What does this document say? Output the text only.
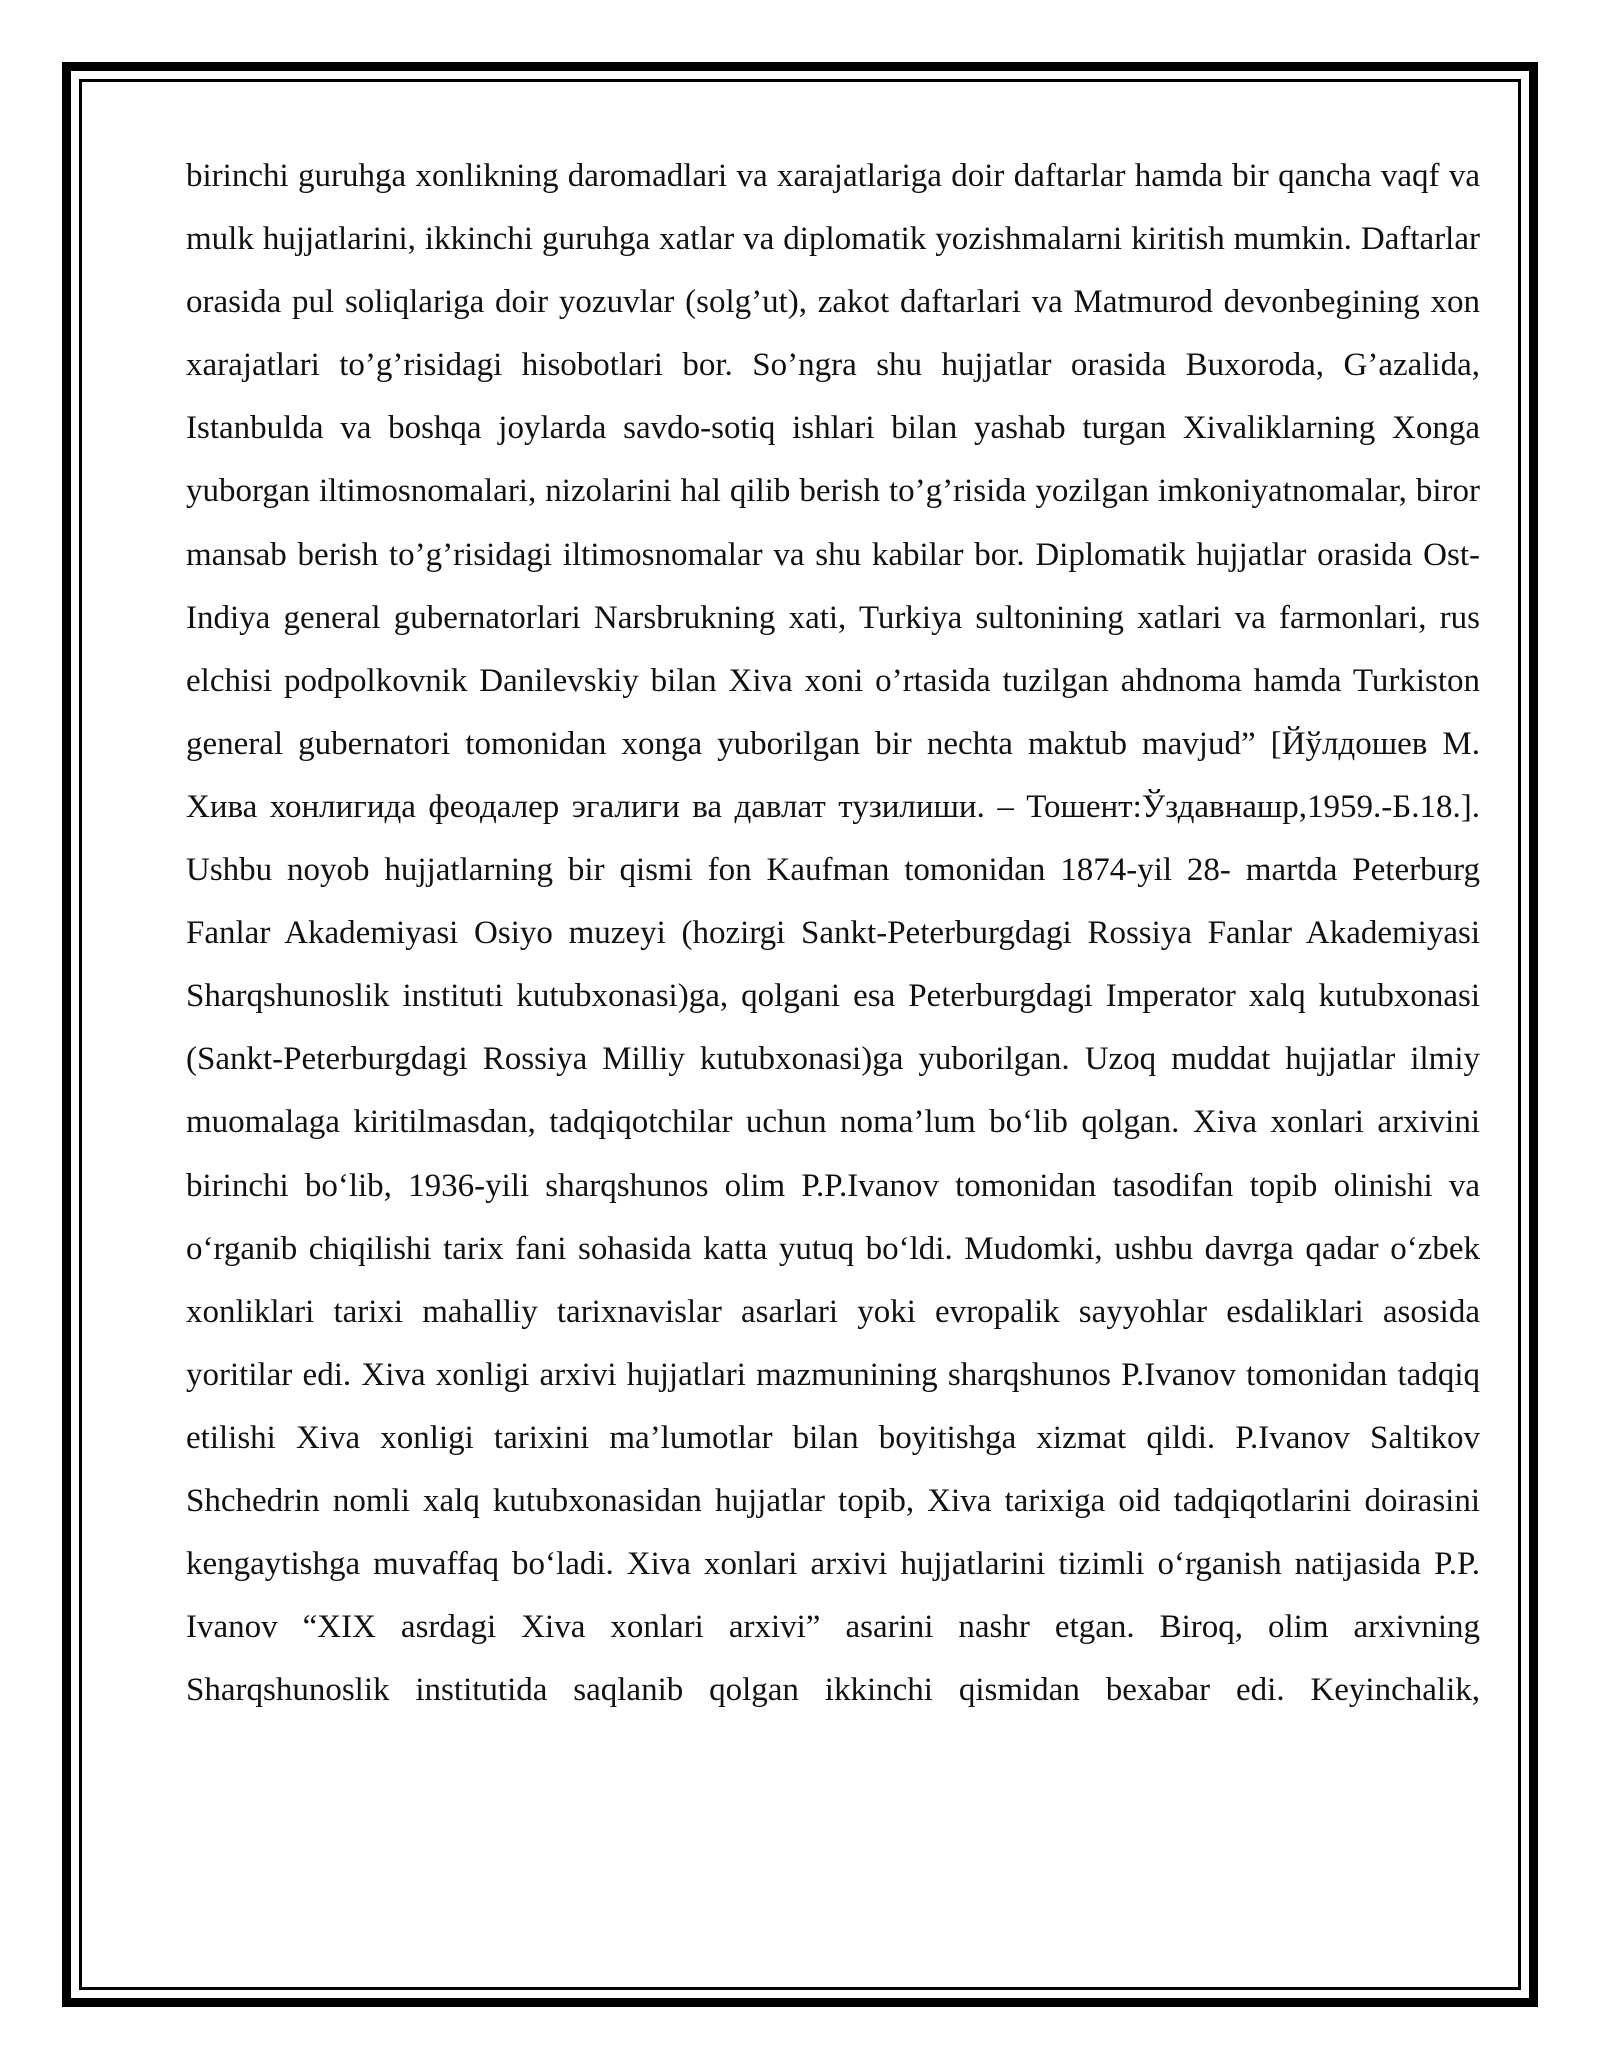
birinchi guruhga xonlikning daromadlari va xarajatlariga doir daftarlar hamda bir qancha vaqf va mulk hujjatlarini, ikkinchi guruhga xatlar va diplomatik yozishmalarni kiritish mumkin. Daftarlar orasida pul soliqlariga doir yozuvlar (solg’ut), zakot daftarlari va Matmurod devonbegining xon xarajatlari to’g’risidagi hisobotlari bor. So’ngra shu hujjatlar orasida Buxoroda, G’azalida, Istanbulda va boshqa joylarda savdo-sotiq ishlari bilan yashab turgan Xivaliklarning Xonga yuborgan iltimosnomalari, nizolarini hal qilib berish to’g’risida yozilgan imkoniyatnomalar, biror mansab berish to’g’risidagi iltimosnomalar va shu kabilar bor. Diplomatik hujjatlar orasida Ost- Indiya general gubernatorlari Narsbrukning xati, Turkiya sultonining xatlari va farmonlari, rus elchisi podpolkovnik Danilevskiy bilan Xiva xoni o’rtasida tuzilgan ahdnoma hamda Turkiston general gubernatori tomonidan xonga yuborilgan bir nechta maktub mavjud” [Йўлдошев М. Хива хонлигида феодалер эгалиги ва давлат тузилиши. – Тошент:Ўздавнашр,1959.-Б.18.]. Ushbu noyob hujjatlarning bir qismi fon Kaufman tomonidan 1874-yil 28- martda Peterburg Fanlar Akademiyasi Osiyo muzeyi (hozirgi Sankt-Peterburgdagi Rossiya Fanlar Akademiyasi Sharqshunoslik instituti kutubxonasi)ga, qolgani esa Peterburgdagi Imperator xalq kutubxonasi (Sankt-Peterburgdagi Rossiya Milliy kutubxonasi)ga yuborilgan. Uzoq muddat hujjatlar ilmiy muomalaga kiritilmasdan, tadqiqotchilar uchun noma’lum bo‘lib qolgan. Xiva xonlari arxivini birinchi bo‘lib, 1936-yili sharqshunos olim P.P.Ivanov tomonidan tasodifan topib olinishi va o‘rganib chiqilishi tarix fani sohasida katta yutuq bo‘ldi. Mudomki, ushbu davrga qadar o‘zbek xonliklari tarixi mahalliy tarixnavislar asarlari yoki evropalik sayyohlar esdaliklari asosida yoritilar edi. Xiva xonligi arxivi hujjatlari mazmunining sharqshunos P.Ivanov tomonidan tadqiq etilishi Xiva xonligi tarixini ma’lumotlar bilan boyitishga xizmat qildi. P.Ivanov Saltikov Shchedrin nomli xalq kutubxonasidan hujjatlar topib, Xiva tarixiga oid tadqiqotlarini doirasini kengaytishga muvaffaq bo‘ladi. Xiva xonlari arxivi hujjatlarini tizimli o‘rganish natijasida P.P. Ivanov “XIX asrdagi Xiva xonlari arxivi” asarini nashr etgan. Biroq, olim arxivning Sharqshunoslik institutida saqlanib qolgan ikkinchi qismidan bexabar edi. Keyinchalik,
